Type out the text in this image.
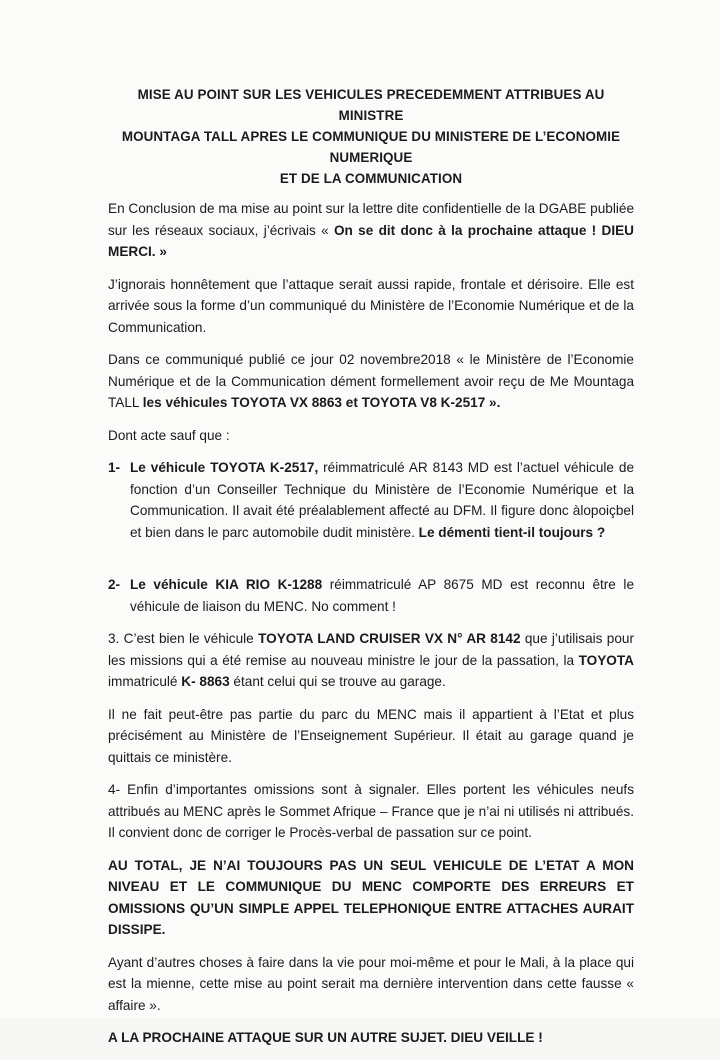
MISE AU POINT SUR LES VEHICULES PRECEDEMMENT ATTRIBUES AU MINISTRE
MOUNTAGA TALL APRES LE COMMUNIQUE DU MINISTERE DE L’ECONOMIE NUMERIQUE
ET DE LA COMMUNICATION

En Conclusion de ma mise au point sur la lettre dite confidentielle de la DGABE publiée sur les réseaux sociaux, j’écrivais « On se dit donc à la prochaine attaque ! DIEU MERCI. »

J’ignorais honnêtement que l’attaque serait aussi rapide, frontale et dérisoire. Elle est arrivée sous la forme d’un communiqué du Ministère de l’Economie Numérique et de la Communication.

Dans ce communiqué publié ce jour 02 novembre2018 « le Ministère de l’Economie Numérique et de la Communication dément formellement avoir reçu de Me Mountaga TALL les véhicules TOYOTA VX 8863 et TOYOTA V8 K-2517 ».

Dont acte sauf que :

1- Le véhicule TOYOTA K-2517, réimmatriculé AR 8143 MD est l’actuel véhicule de fonction d’un Conseiller Technique du Ministère de l’Economie Numérique et la Communication. Il avait été préalablement affecté au DFM. Il figure donc àlopoiçbel et bien dans le parc automobile dudit ministère. Le démenti tient-il toujours ?
2- Le véhicule KIA RIO K-1288 réimmatriculé AP 8675 MD est reconnu être le véhicule de liaison du MENC. No comment !

3. C’est bien le véhicule TOYOTA LAND CRUISER VX N° AR 8142 que j’utilisais pour les missions qui a été remise au nouveau ministre le jour de la passation, la TOYOTA immatriculé K- 8863 étant celui qui se trouve au garage.

Il ne fait peut-être pas partie du parc du MENC mais il appartient à l’Etat et plus précisément au Ministère de l’Enseignement Supérieur. Il était au garage quand je quittais ce ministère.

4- Enfin d’importantes omissions sont à signaler. Elles portent les véhicules neufs attribués au MENC après le Sommet Afrique – France que je n’ai ni utilisés ni attribués. Il convient donc de corriger le Procès-verbal de passation sur ce point.

AU TOTAL, JE N’AI TOUJOURS PAS UN SEUL VEHICULE DE L’ETAT A MON NIVEAU ET LE COMMUNIQUE DU MENC COMPORTE DES ERREURS ET OMISSIONS QU’UN SIMPLE APPEL TELEPHONIQUE ENTRE ATTACHES AURAIT DISSIPE.

Ayant d’autres choses à faire dans la vie pour moi-même et pour le Mali, à la place qui est la mienne, cette mise au point serait ma dernière intervention dans cette fausse « affaire ».

A LA PROCHAINE ATTAQUE SUR UN AUTRE SUJET. DIEU VEILLE !
